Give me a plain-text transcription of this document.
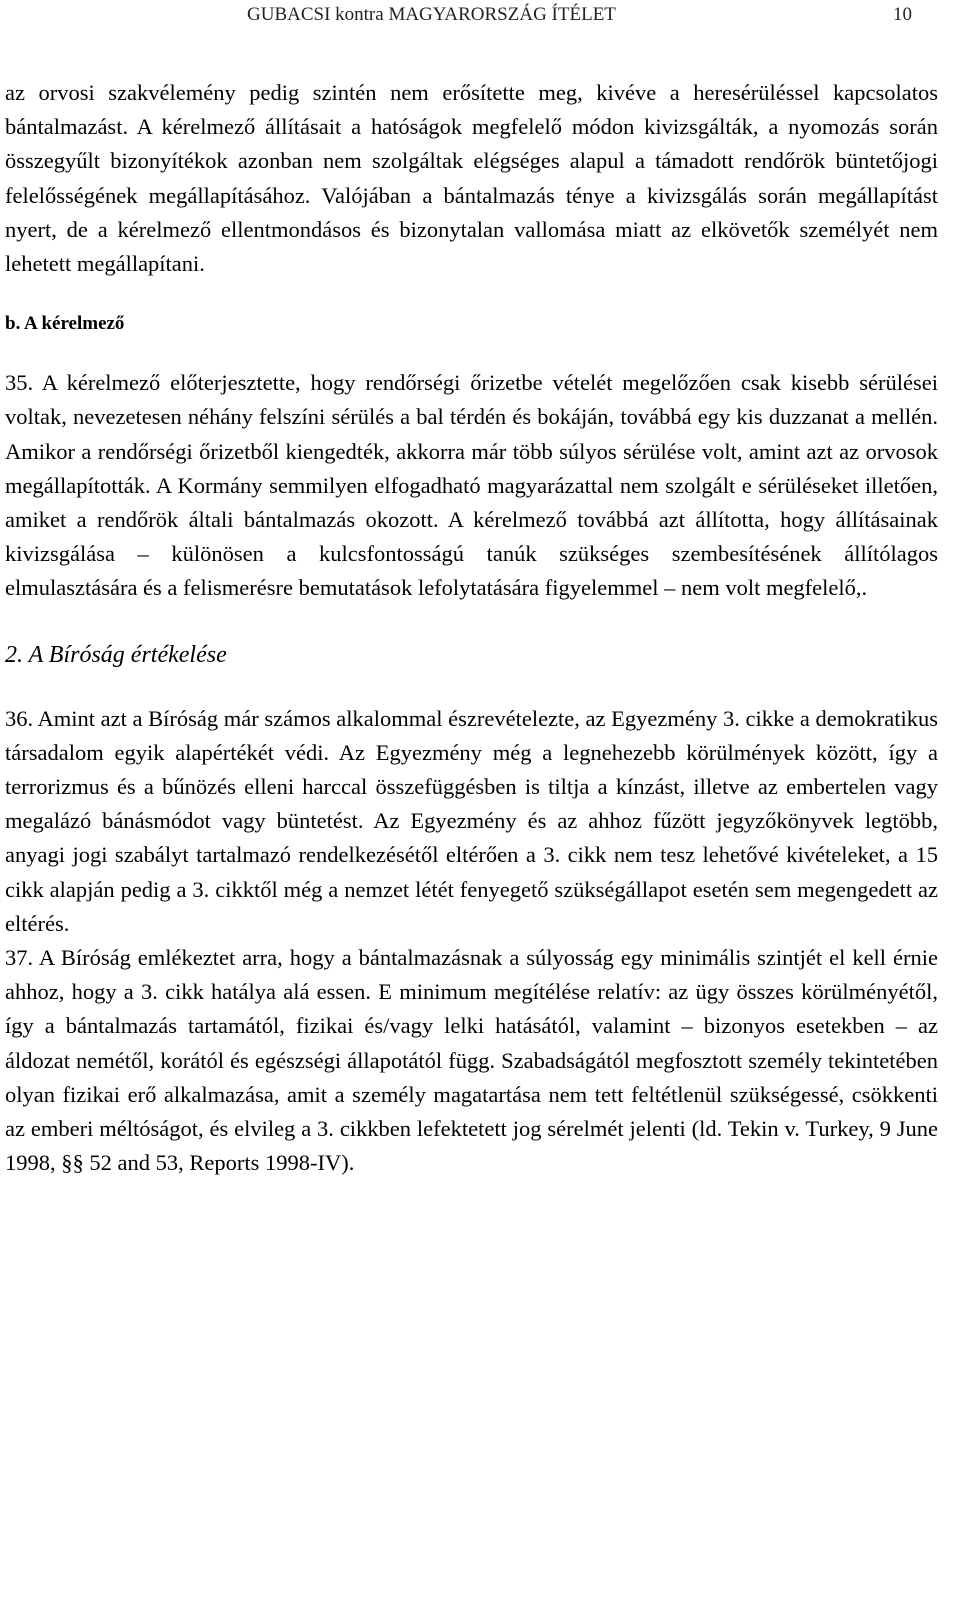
GUBACSI kontra MAGYARORSZÁG ÍTÉLET	10

az orvosi szakvélemény pedig szintén nem erősítette meg, kivéve a heresérüléssel kapcsolatos bántalmazást. A kérelmező állításait a hatóságok megfelelő módon kivizsgálták, a nyomozás során összegyűlt bizonyítékok azonban nem szolgáltak elégséges alapul a támadott rendőrök büntetőjogi felelősségének megállapításához. Valójában a bántalmazás ténye a kivizsgálás során megállapítást nyert, de a kérelmező ellentmondásos és bizonytalan vallomása miatt az elkövetők személyét nem lehetett megállapítani.

b. A kérelmező

35. A kérelmező előterjesztette, hogy rendőrségi őrizetbe vételét megelőzően csak kisebb sérülései voltak, nevezetesen néhány felszíni sérülés a bal térdén és bokáján, továbbá egy kis duzzanat a mellén. Amikor a rendőrségi őrizetből kiengedték, akkorra már több súlyos sérülése volt, amint azt az orvosok megállapították. A Kormány semmilyen elfogadható magyarázattal nem szolgált e sérüléseket illetően, amiket a rendőrök általi bántalmazás okozott. A kérelmező továbbá azt állította, hogy állításainak kivizsgálása – különösen a kulcsfontosságú tanúk szükséges szembesítésének állítólagos elmulasztására és a felismerésre bemutatások lefolytatására figyelemmel – nem volt megfelelő,.

2. A Bíróság értékelése

36. Amint azt a Bíróság már számos alkalommal észrevételezte, az Egyezmény 3. cikke a demokratikus társadalom egyik alapértékét védi. Az Egyezmény még a legnehezebb körülmények között, így a terrorizmus és a bűnözés elleni harccal összefüggésben is tiltja a kínzást, illetve az embertelen vagy megalázó bánásmódot vagy büntetést. Az Egyezmény és az ahhoz fűzött jegyzőkönyvek legtöbb, anyagi jogi szabályt tartalmazó rendelkezésétől eltérően a 3. cikk nem tesz lehetővé kivételeket, a 15 cikk alapján pedig a 3. cikktől még a nemzet létét fenyegető szükségállapot esetén sem megengedett az eltérés.

37. A Bíróság emlékeztet arra, hogy a bántalmazásnak a súlyosság egy minimális szintjét el kell érnie ahhoz, hogy a 3. cikk hatálya alá essen. E minimum megítélése relatív: az ügy összes körülményétől, így a bántalmazás tartamától, fizikai és/vagy lelki hatásától, valamint – bizonyos esetekben – az áldozat nemétől, korától és egészségi állapotától függ. Szabadságától megfosztott személy tekintetében olyan fizikai erő alkalmazása, amit a személy magatartása nem tett feltétlenül szükségessé, csökkenti az emberi méltóságot, és elvileg a 3. cikkben lefektetett jog sérelmét jelenti (ld. Tekin v. Turkey, 9 June 1998, §§ 52 and 53, Reports 1998-IV).
